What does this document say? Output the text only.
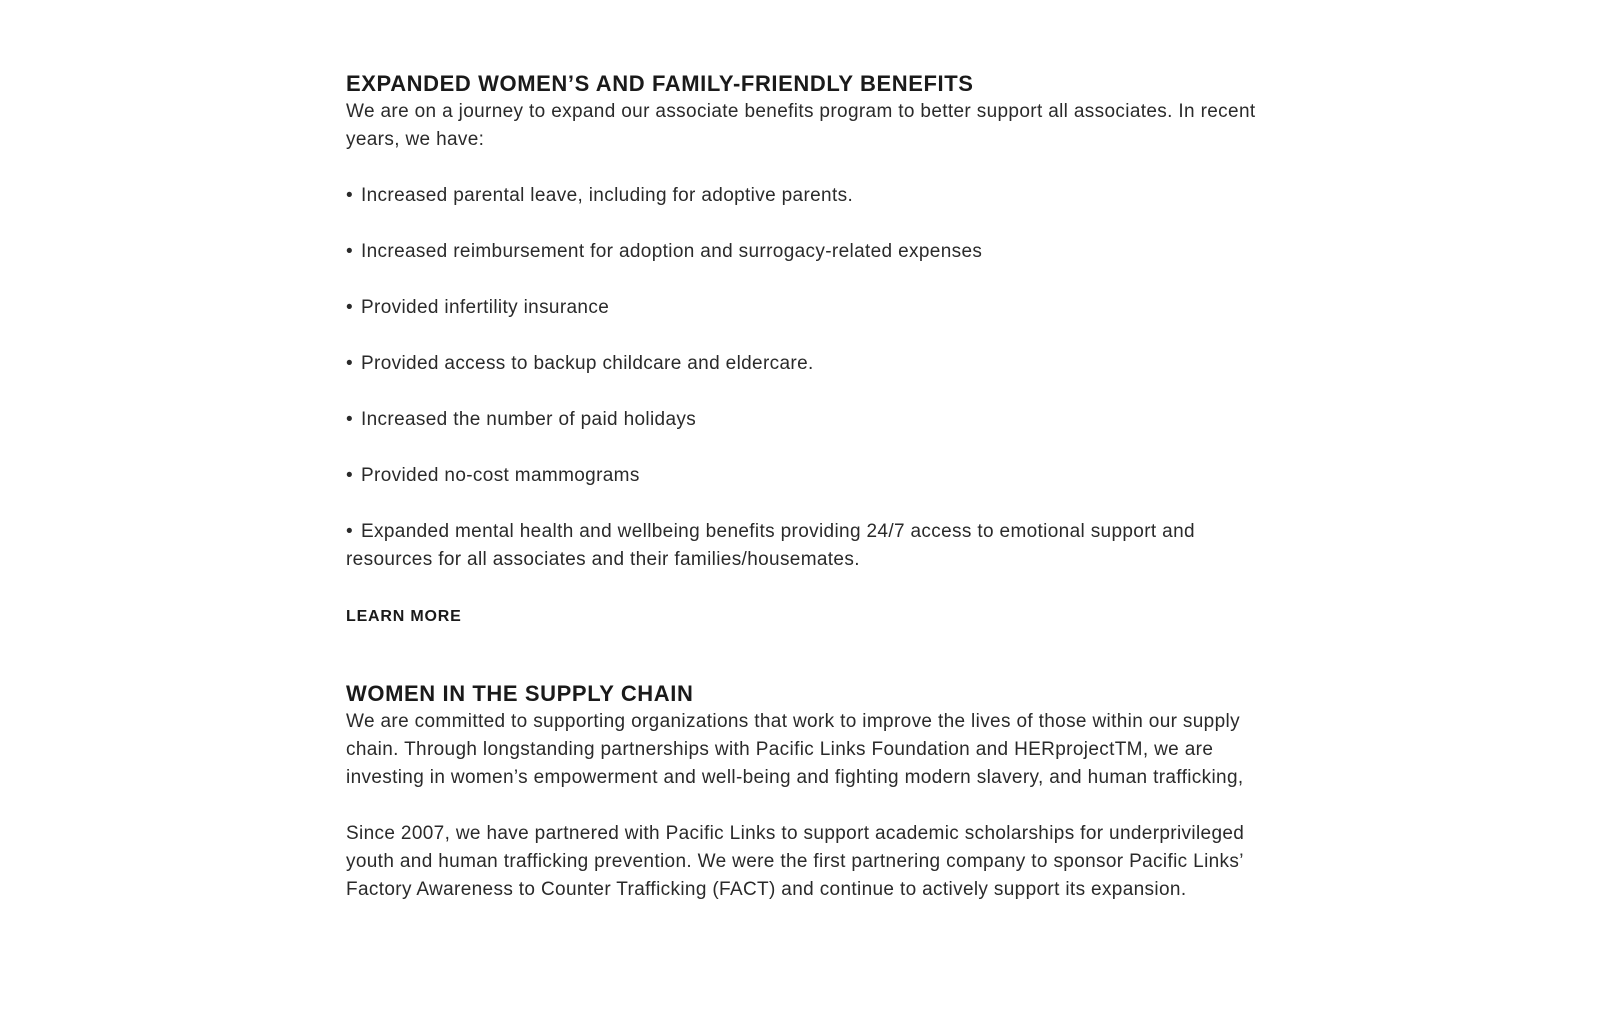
EXPANDED WOMEN’S AND FAMILY-FRIENDLY BENEFITS

We are on a journey to expand our associate benefits program to better support all associates. In recent years, we have:

• Increased parental leave, including for adoptive parents.
• Increased reimbursement for adoption and surrogacy-related expenses
• Provided infertility insurance
• Provided access to backup childcare and eldercare.
• Increased the number of paid holidays
• Provided no-cost mammograms
• Expanded mental health and wellbeing benefits providing 24/7 access to emotional support and resources for all associates and their families/housemates.
LEARN MORE
WOMEN IN THE SUPPLY CHAIN

We are committed to supporting organizations that work to improve the lives of those within our supply chain. Through longstanding partnerships with Pacific Links Foundation and HERprojectTM, we are investing in women’s empowerment and well-being and fighting modern slavery, and human trafficking,

Since 2007, we have partnered with Pacific Links to support academic scholarships for underprivileged youth and human trafficking prevention. We were the first partnering company to sponsor Pacific Links’ Factory Awareness to Counter Trafficking (FACT) and continue to actively support its expansion.
